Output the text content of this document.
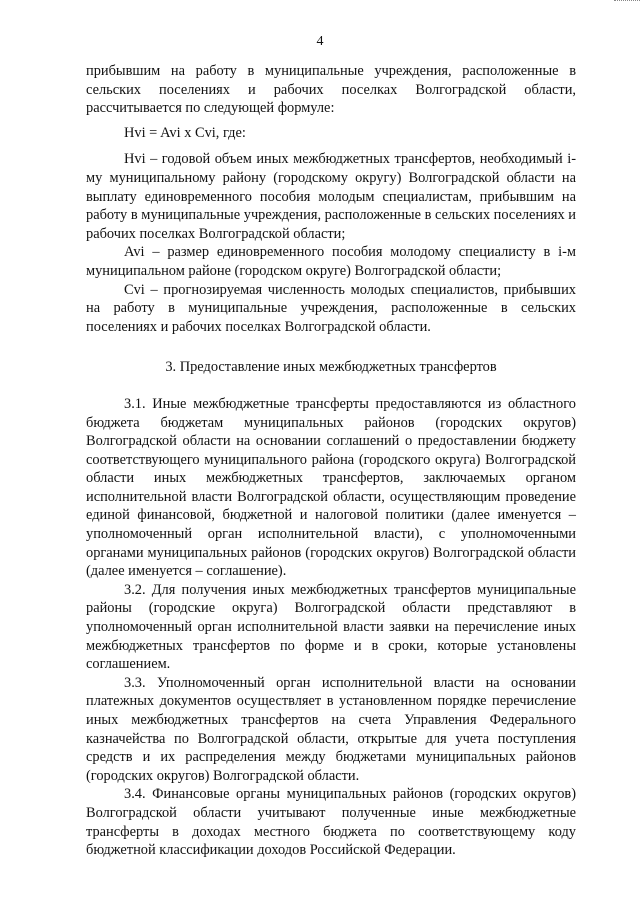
4

прибывшим на работу в муниципальные учреждения, расположенные в сельских поселениях и рабочих поселках Волгоградской области, рассчитывается по следующей формуле:

Hvi = Avi x Cvi, где:

Hvi – годовой объем иных межбюджетных трансфертов, необходимый i-му муниципальному району (городскому округу) Волгоградской области на выплату единовременного пособия молодым специалистам, прибывшим на работу в муниципальные учреждения, расположенные в сельских поселениях и рабочих поселках Волгоградской области;

Avi – размер единовременного пособия молодому специалисту в i-м муниципальном районе (городском округе) Волгоградской области;

Cvi – прогнозируемая численность молодых специалистов, прибывших на работу в муниципальные учреждения, расположенные в сельских поселениях и рабочих поселках Волгоградской области.

3. Предоставление иных межбюджетных трансфертов

3.1. Иные межбюджетные трансферты предоставляются из областного бюджета бюджетам муниципальных районов (городских округов) Волгоградской области на основании соглашений о предоставлении бюджету соответствующего муниципального района (городского округа) Волгоградской области иных межбюджетных трансфертов, заключаемых органом исполнительной власти Волгоградской области, осуществляющим проведение единой финансовой, бюджетной и налоговой политики (далее именуется – уполномоченный орган исполнительной власти), с уполномоченными органами муниципальных районов (городских округов) Волгоградской области (далее именуется – соглашение).

3.2. Для получения иных межбюджетных трансфертов муниципальные районы (городские округа) Волгоградской области представляют в уполномоченный орган исполнительной власти заявки на перечисление иных межбюджетных трансфертов по форме и в сроки, которые установлены соглашением.

3.3. Уполномоченный орган исполнительной власти на основании платежных документов осуществляет в установленном порядке перечисление иных межбюджетных трансфертов на счета Управления Федерального казначейства по Волгоградской области, открытые для учета поступления средств и их распределения между бюджетами муниципальных районов (городских округов) Волгоградской области.

3.4. Финансовые органы муниципальных районов (городских округов) Волгоградской области учитывают полученные иные межбюджетные трансферты в доходах местного бюджета по соответствующему коду бюджетной классификации доходов Российской Федерации.
